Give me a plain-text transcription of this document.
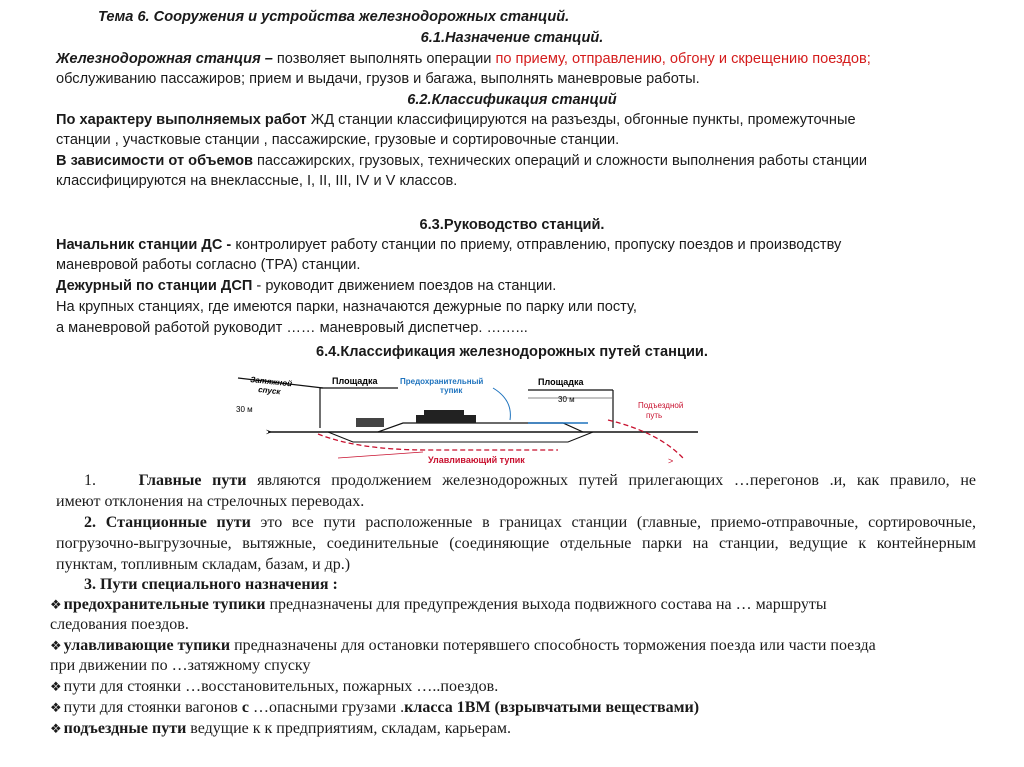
Тема 6. Сооружения и устройства железнодорожных станций.
6.1.Назначение станций.
Железнодорожная станция – позволяет выполнять операции по приему, отправлению, обгону и скрещению поездов;
обслуживанию пассажиров; прием и выдачи, грузов и багажа, выполнять маневровые работы.
6.2.Классификация станций
По характеру выполняемых работ ЖД станции классифицируются на разъезды, обгонные пункты, промежуточные
станции , участковые станции , пассажирские, грузовые и сортировочные станции.
В зависимости от объемов пассажирских, грузовых, технических операций и сложности выполнения работы станции
классифицируются на внеклассные, I, II, III, IV и V классов.
6.3.Руководство станций.
Начальник станции ДС - контролирует работу станции по приему, отправлению, пропуску поездов и производству
маневровой работы согласно (ТРА) станции.
Дежурный по станции ДСП - руководит движением поездов на станции.
На крупных станциях, где имеются парки, назначаются дежурные по парку или посту,
а маневровой работой руководит …… маневровый диспетчер. ……...
6.4.Классификация железнодорожных путей станции.
Затяжной
спуск
30 м
Площадка	Предохранительный
тупик
Площадка
30 м
Подъездной
путь
>
>
Улавливающий тупик
1.	Главные пути являются продолжением железнодорожных путей прилегающих …перегонов .и, как правило, не
имеют отклонения на стрелочных переводах.
2. Станционные пути это все пути расположенные в границах станции (главные, приемо-отправочные, сортировочные,
погрузочно-выгрузочные, вытяжные, соединительные (соединяющие отдельные парки на станции, ведущие к контейнерным
пунктам, топливным складам, базам, и др.)
3. Пути специального назначения :
❖ предохранительные тупики предназначены для предупреждения выхода подвижного состава на … маршруты
следования поездов.
❖ улавливающие тупики предназначены для остановки потерявшего способность торможения поезда или части поезда
при движении по …затяжному спуску
❖ пути для стоянки …восстановительных, пожарных …..поездов.
❖ пути для стоянки вагонов с …опасными грузами .класса 1ВМ (взрывчатыми веществами)
❖ подъездные пути ведущие к к предприятиям, складам, карьерам.
